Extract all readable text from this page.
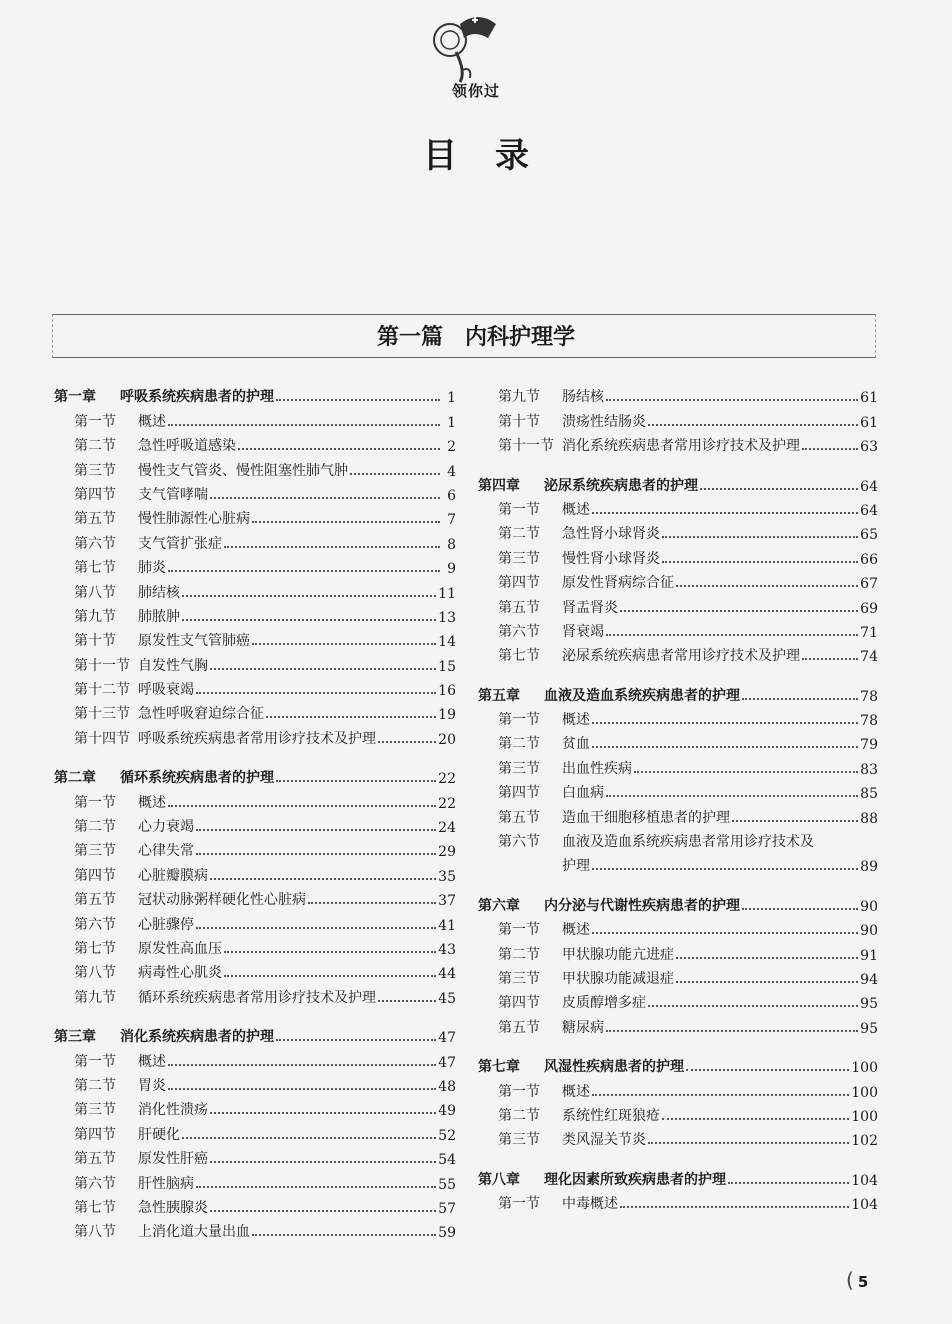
领你过
目录
第一篇　内科护理学
第一章	呼吸系统疾病患者的护理	1
第一节	概述	1
第二节	急性呼吸道感染	2
第三节	慢性支气管炎、慢性阻塞性肺气肿	4
第四节	支气管哮喘	6
第五节	慢性肺源性心脏病	7
第六节	支气管扩张症	8
第七节	肺炎	9
第八节	肺结核	11
第九节	肺脓肿	13
第十节	原发性支气管肺癌	14
第十一节 自发性气胸	15
第十二节 呼吸衰竭	16
第十三节 急性呼吸窘迫综合征	19
第十四节 呼吸系统疾病患者常用诊疗技术及护理	20
第二章	循环系统疾病患者的护理	22
第一节	概述	22
第二节	心力衰竭	24
第三节	心律失常	29
第四节	心脏瓣膜病	35
第五节	冠状动脉粥样硬化性心脏病	37
第六节	心脏骤停	41
第七节	原发性高血压	43
第八节	病毒性心肌炎	44
第九节	循环系统疾病患者常用诊疗技术及护理	45
第三章	消化系统疾病患者的护理	47
第一节	概述	47
第二节	胃炎	48
第三节	消化性溃疡	49
第四节	肝硬化	52
第五节	原发性肝癌	54
第六节	肝性脑病	55
第七节	急性胰腺炎	57
第八节	上消化道大量出血	59
第九节	肠结核	61
第十节	溃疡性结肠炎	61
第十一节 消化系统疾病患者常用诊疗技术及护理	63
第四章	泌尿系统疾病患者的护理	64
第一节	概述	64
第二节	急性肾小球肾炎	65
第三节	慢性肾小球肾炎	66
第四节	原发性肾病综合征	67
第五节	肾盂肾炎	69
第六节	肾衰竭	71
第七节	泌尿系统疾病患者常用诊疗技术及护理	74
第五章	血液及造血系统疾病患者的护理	78
第一节	概述	78
第二节	贫血	79
第三节	出血性疾病	83
第四节	白血病	85
第五节	造血干细胞移植患者的护理	88
第六节	血液及造血系统疾病患者常用诊疗技术及
护理	89
第六章	内分泌与代谢性疾病患者的护理	90
第一节	概述	90
第二节	甲状腺功能亢进症	91
第三节	甲状腺功能减退症	94
第四节	皮质醇增多症	95
第五节	糖尿病	95
第七章	风湿性疾病患者的护理	100
第一节	概述	100
第二节	系统性红斑狼疮	100
第三节	类风湿关节炎	102
第八章	理化因素所致疾病患者的护理	104
第一节	中毒概述	104
( 5
